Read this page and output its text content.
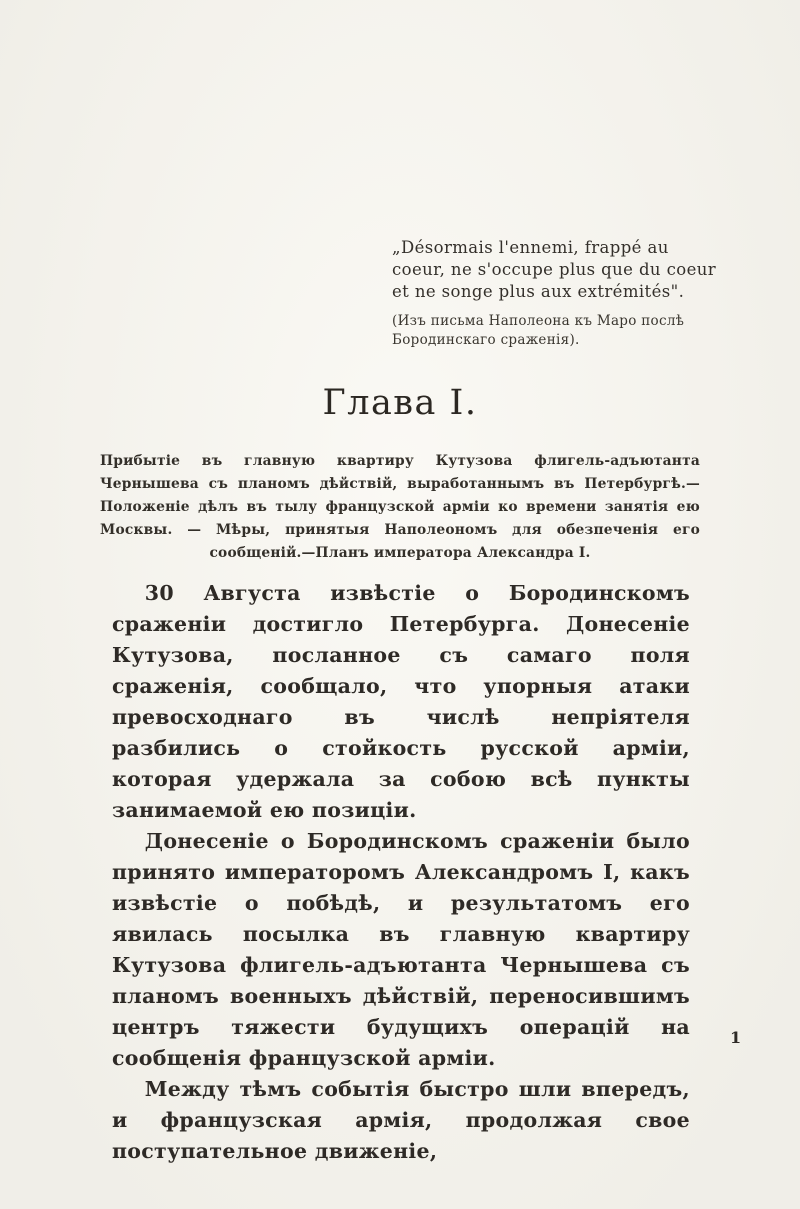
„Désormais l'ennemi, frappé au
coeur, ne s'occupe plus que du coeur
et ne songe plus aux extrémités".
(Изъ письма Наполеона къ Маро послѣ
Бородинскаго сраженія).
Глава I.

Прибытіе въ главную квартиру Кутузова флигель-адъютанта Чернышева съ планомъ дѣйствій, выработаннымъ въ Петербургѣ.—Положеніе дѣлъ въ тылу французской арміи ко времени занятія ею Москвы. — Мѣры, принятыя Наполеономъ для обезпеченія его сообщеній.—Планъ императора Александра I.

30 Августа извѣстіе о Бородинскомъ сраженіи достигло Петербурга. Донесеніе Кутузова, посланное съ самаго поля сраженія, сообщало, что упорныя атаки превосходнаго въ числѣ непріятеля разбились о стойкость русской арміи, которая удержала за собою всѣ пункты занимаемой ею позиціи.

Донесеніе о Бородинскомъ сраженіи было принято императоромъ Александромъ I, какъ извѣстіе о побѣдѣ, и результатомъ его явилась посылка въ главную квартиру Кутузова флигель-адъютанта Чернышева съ планомъ военныхъ дѣйствій, переносившимъ центръ тяжести будущихъ операцій на сообщенія французской арміи.

Между тѣмъ событія быстро шли впередъ, и французская армія, продолжая свое поступательное движеніе,

1
